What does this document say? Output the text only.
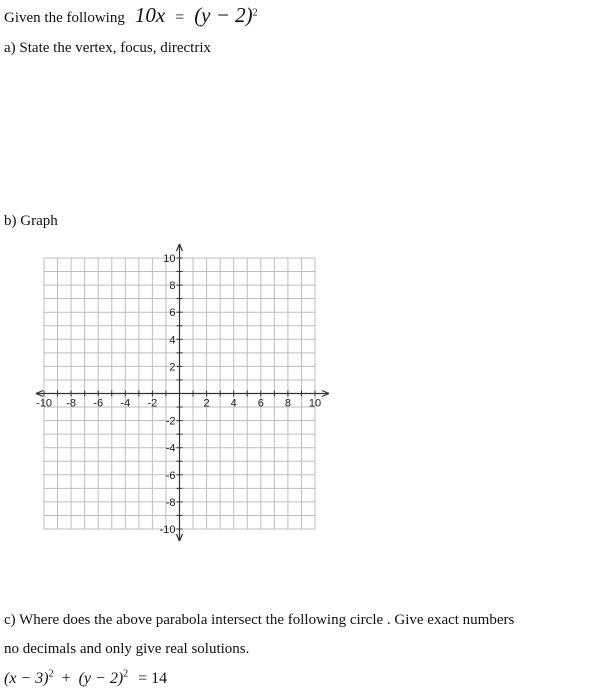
Given the following $10x = (y - 2)^2$
a) State the vertex, focus, directrix
b) Graph
-10 -8 -6 -4 -2	2 4 6 8 10
10
8
6
4
2
-2
-4
-6
-8
-10
c) Where does the above parabola intersect the following circle . Give exact numbers
no decimals and only give real solutions.
$(x - 3)^2 + (y - 2)^2 = 14$
